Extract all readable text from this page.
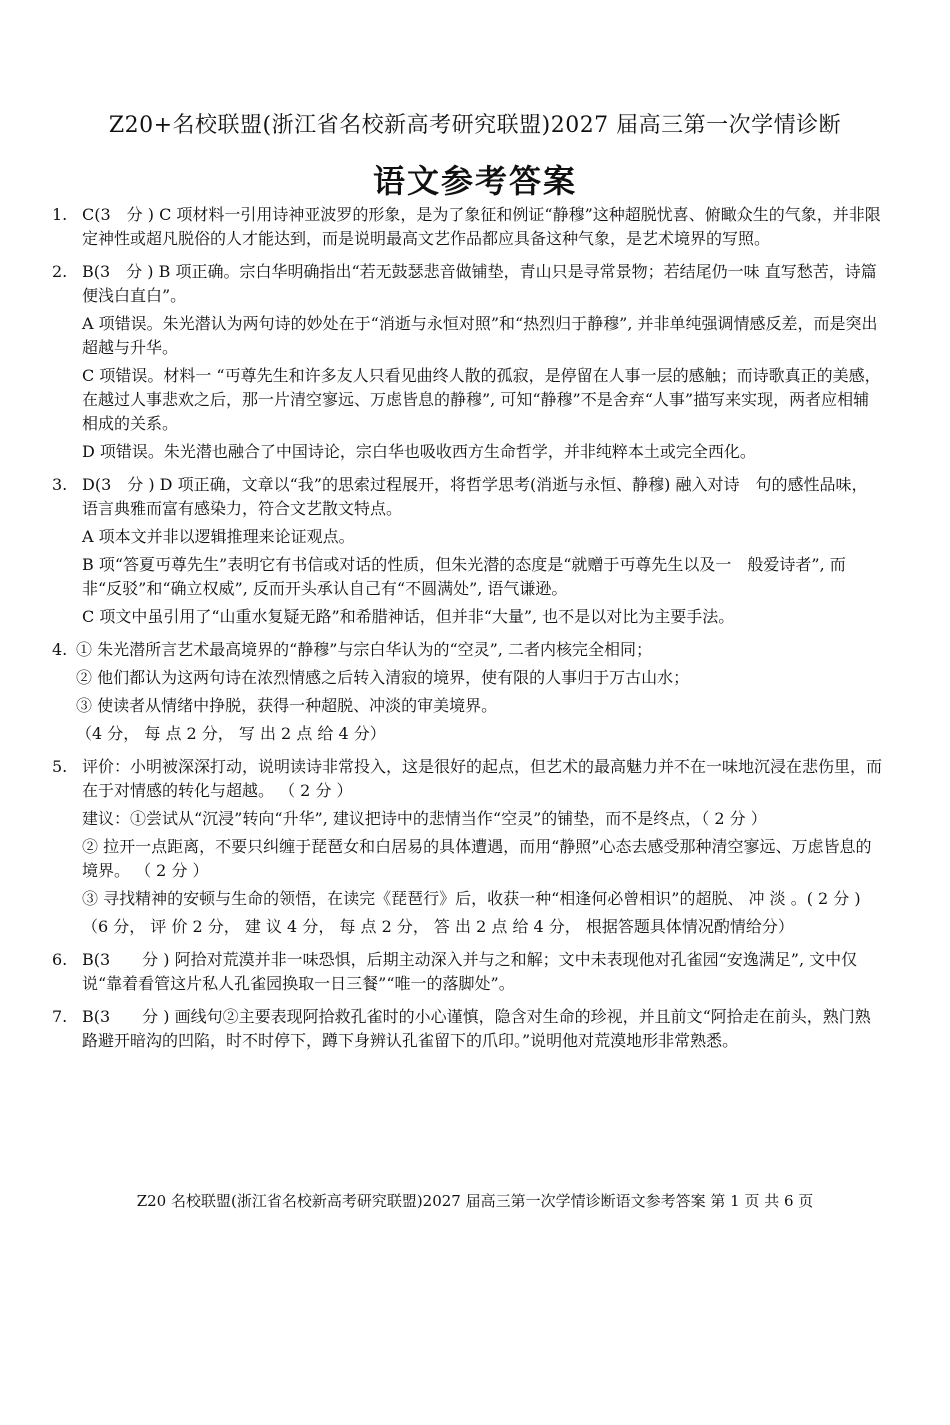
Z20+名校联盟(浙江省名校新高考研究联盟)2027 届高三第一次学情诊断
语文参考答案
1. C(3　分 ) C 项材料一引用诗神亚波罗的形象，是为了象征和例证“静穆”这种超脱忧喜、俯瞰众生的气象，并非限定神性或超凡脱俗的人才能达到，而是说明最高文艺作品都应具备这种气象，是艺术境界的写照。

2. B(3　分 ) B 项正确。宗白华明确指出“若无鼓瑟悲音做铺垫，青山只是寻常景物；若结尾仍一味 直写愁苦，诗篇便浅白直白”。

A 项错误。朱光潜认为两句诗的妙处在于“消逝与永恒对照”和“热烈归于静穆”, 并非单纯强调情感反差，而是突出超越与升华。

C 项错误。材料一 “丏尊先生和许多友人只看见曲终人散的孤寂，是停留在人事一层的感触；而诗歌真正的美感，在越过人事悲欢之后，那一片清空寥远、万虑皆息的静穆”, 可知“静穆”不是舍弃“人事”描写来实现，两者应相辅相成的关系。

D 项错误。朱光潜也融合了中国诗论，宗白华也吸收西方生命哲学，并非纯粹本土或完全西化。

3. D(3　分 ) D 项正确，文章以“我”的思索过程展开，将哲学思考(消逝与永恒、静穆) 融入对诗　句的感性品味，语言典雅而富有感染力，符合文艺散文特点。

A 项本文并非以逻辑推理来论证观点。

B 项“答夏丏尊先生”表明它有书信或对话的性质，但朱光潜的态度是“就赠于丏尊先生以及一　般爱诗者”, 而非“反驳”和“确立权威”, 反而开头承认自己有“不圆满处”, 语气谦逊。

C 项文中虽引用了“山重水复疑无路”和希腊神话，但并非“大量”, 也不是以对比为主要手法。

4. ① 朱光潜所言艺术最高境界的“静穆”与宗白华认为的“空灵”, 二者内核完全相同；

② 他们都认为这两句诗在浓烈情感之后转入清寂的境界，使有限的人事归于万古山水；

③ 使读者从情绪中挣脱，获得一种超脱、冲淡的审美境界。

（4 分， 每 点 2 分， 写 出 2 点 给 4 分）

5. 评价：小明被深深打动，说明读诗非常投入，这是很好的起点，但艺术的最高魅力并不在一味地沉浸在悲伤里，而在于对情感的转化与超越。 （ 2 分 ）

建议：①尝试从“沉浸”转向“升华”, 建议把诗中的悲情当作“空灵”的铺垫，而不是终点，（ 2 分 ）

② 拉开一点距离，不要只纠缠于琵琶女和白居易的具体遭遇，而用“静照”心态去感受那种清空寥远、万虑皆息的境界。 （ 2 分 ）

③ 寻找精神的安顿与生命的领悟，在读完《琵琶行》后，收获一种“相逢何必曾相识”的超脱、 冲 淡 。( 2 分 )

（6 分， 评 价 2 分， 建 议 4 分， 每 点 2 分， 答 出 2 点 给 4 分， 根据答题具体情况酌情给分）

6. B(3　　分 ) 阿拾对荒漠并非一味恐惧，后期主动深入并与之和解；文中未表现他对孔雀园“安逸满足”, 文中仅说“靠着看管这片私人孔雀园换取一日三餐”“唯一的落脚处”。

7. B(3　　分 ) 画线句②主要表现阿拾救孔雀时的小心谨慎，隐含对生命的珍视，并且前文“阿拾走在前头，熟门熟路避开暗沟的凹陷，时不时停下，蹲下身辨认孔雀留下的爪印。”说明他对荒漠地形非常熟悉。

Z20 名校联盟(浙江省名校新高考研究联盟)2027 届高三第一次学情诊断语文参考答案 第 1 页 共 6 页
